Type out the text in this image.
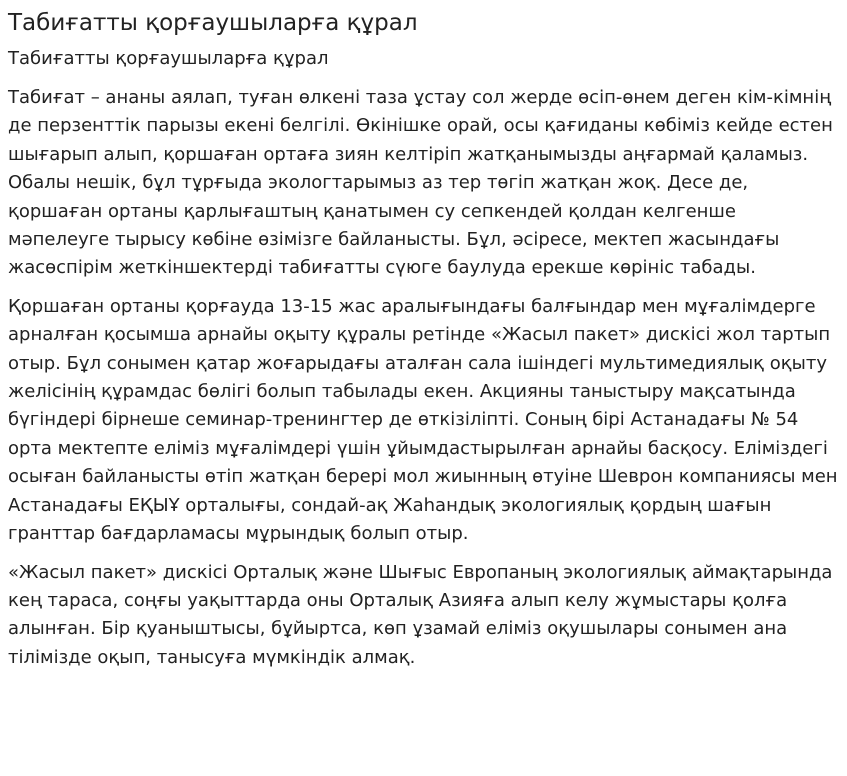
Табиғатты қорғаушыларға құрал
Табиғатты қорғаушыларға құрал

Табиғат – ананы аялап, туған өлкені таза ұстау сол жерде өсіп-өнем деген кім-кімнің де перзенттік парызы екені белгілі. Өкінішке орай, осы қағиданы көбіміз кейде естен шығарып алып, қоршаған ортаға зиян келтіріп жатқанымызды аңғармай қаламыз. Обалы нешік, бұл тұрғыда экологтарымыз аз тер төгіп жатқан жоқ. Десе де, қоршаған ортаны қарлығаштың қанатымен су сепкендей қолдан келгенше мәпелеуге тырысу көбіне өзімізге байланысты. Бұл, әсіресе, мектеп жасындағы жасөспірім жеткіншектерді табиғатты сүюге баулуда ерекше көрініс табады.

Қоршаған ортаны қорғауда 13-15 жас аралығындағы балғындар мен мұғалімдерге арналған қосымша арнайы оқыту құралы ретінде «Жасыл пакет» дискісі жол тартып отыр. Бұл сонымен қатар жоғарыдағы аталған сала ішіндегі мультимедиялық оқыту желісінің құрамдас бөлігі болып табылады екен. Акцияны таныстыру мақсатында бүгіндері бірнеше семинар-тренингтер де өткізіліпті. Соның бірі Астанадағы № 54 орта мектепте еліміз мұғалімдері үшін ұйымдастырылған арнайы басқосу. Еліміздегі осыған байланысты өтіп жатқан берері мол жиынның өтуіне Шеврон компаниясы мен Астанадағы ЕҚЫҰ орталығы, сондай-ақ Жаһандық экологиялық қордың шағын гранттар бағдарламасы мұрындық болып отыр.

«Жасыл пакет» дискісі Орталық және Шығыс Европаның экологиялық аймақтарында кең тараса, соңғы уақыттарда оны Орталық Азияға алып келу жұмыстары қолға алынған. Бір қуаныштысы, бұйыртса, көп ұзамай еліміз оқушылары сонымен ана тілімізде оқып, танысуға мүмкіндік алмақ.
